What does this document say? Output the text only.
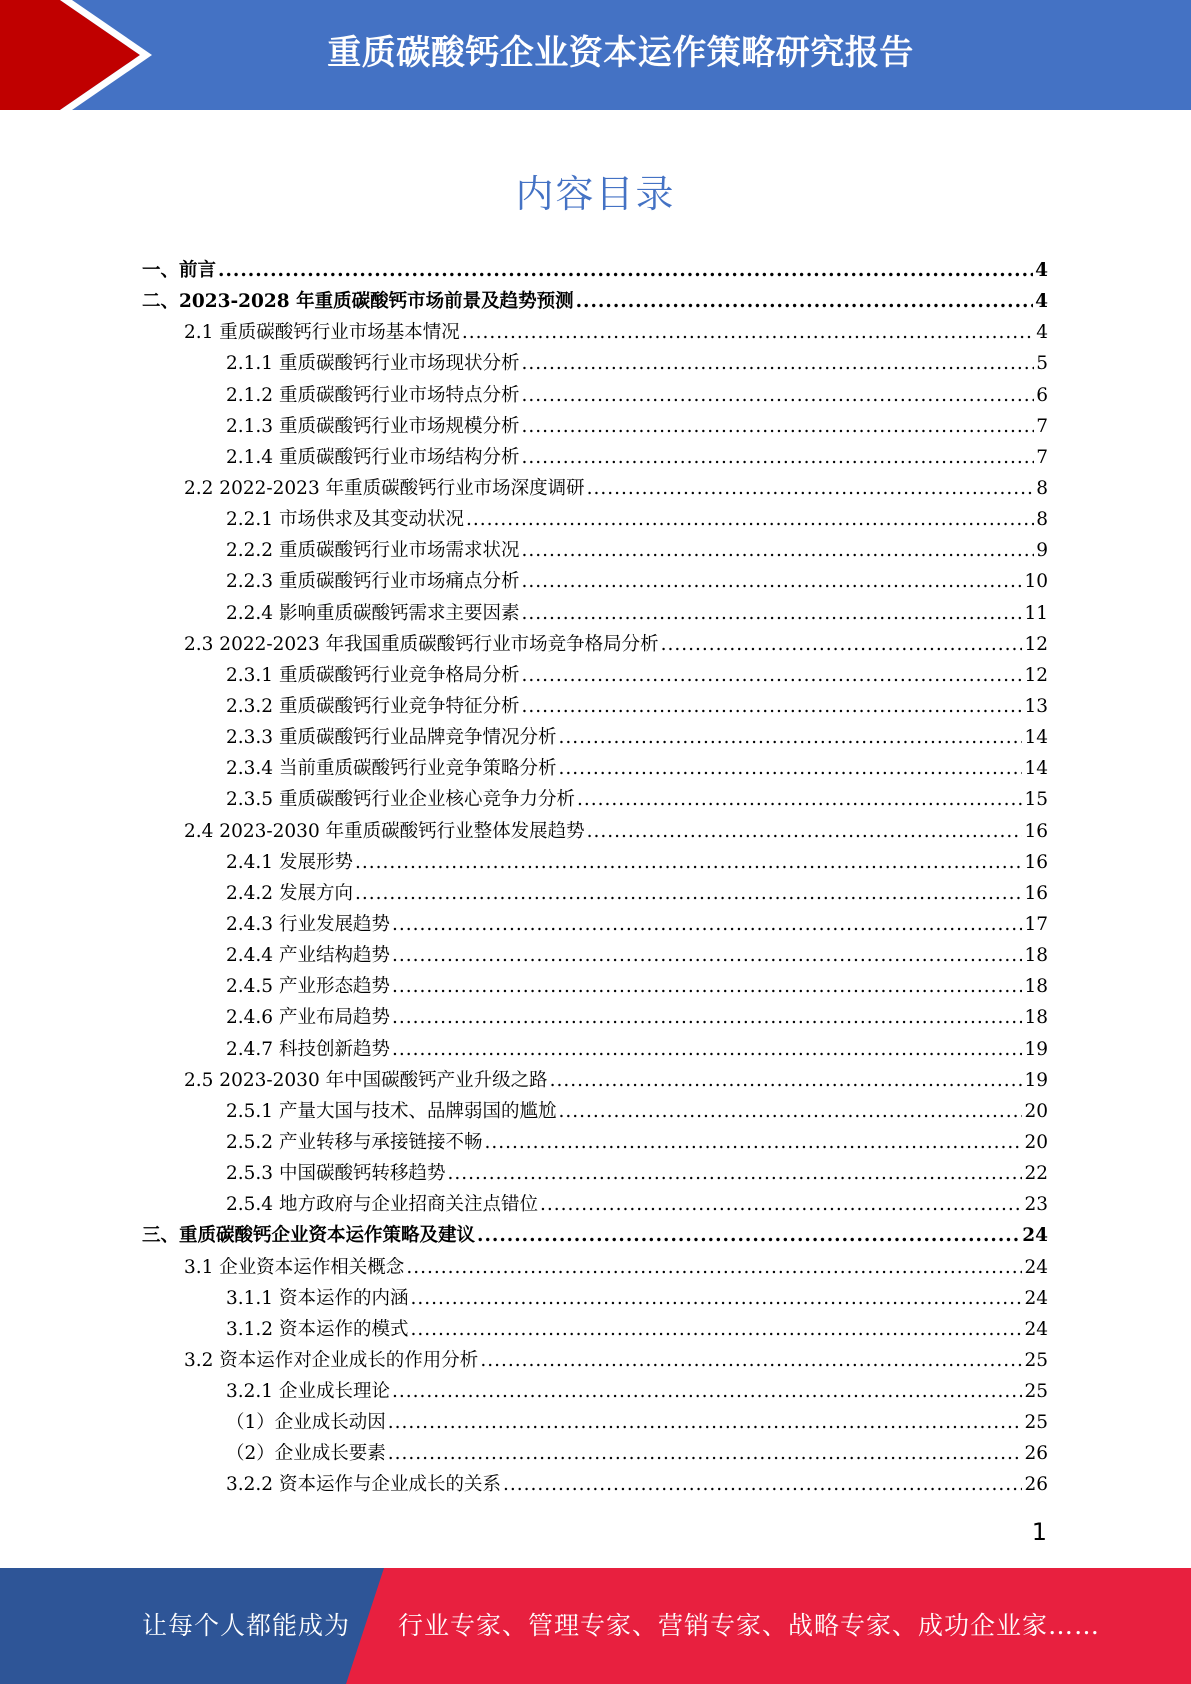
重质碳酸钙企业资本运作策略研究报告
内容目录
一、前言 .....	4
二、2023-2028 年重质碳酸钙市场前景及趋势预测 .....	4
2.1 重质碳酸钙行业市场基本情况 .....	4
2.1.1 重质碳酸钙行业市场现状分析 .....	5
2.1.2 重质碳酸钙行业市场特点分析 .....	6
2.1.3 重质碳酸钙行业市场规模分析 .....	7
2.1.4 重质碳酸钙行业市场结构分析 .....	7
2.2 2022-2023 年重质碳酸钙行业市场深度调研 .....	8
2.2.1 市场供求及其变动状况 .....	8
2.2.2 重质碳酸钙行业市场需求状况 .....	9
2.2.3 重质碳酸钙行业市场痛点分析 .....	10
2.2.4 影响重质碳酸钙需求主要因素 .....	11
2.3 2022-2023 年我国重质碳酸钙行业市场竞争格局分析 .....	12
2.3.1 重质碳酸钙行业竞争格局分析 .....	12
2.3.2 重质碳酸钙行业竞争特征分析 .....	13
2.3.3 重质碳酸钙行业品牌竞争情况分析 .....	14
2.3.4 当前重质碳酸钙行业竞争策略分析 .....	14
2.3.5 重质碳酸钙行业企业核心竞争力分析 .....	15
2.4 2023-2030 年重质碳酸钙行业整体发展趋势 .....	16
2.4.1 发展形势 .....	16
2.4.2 发展方向 .....	16
2.4.3 行业发展趋势 .....	17
2.4.4 产业结构趋势 .....	18
2.4.5 产业形态趋势 .....	18
2.4.6 产业布局趋势 .....	18
2.4.7 科技创新趋势 .....	19
2.5 2023-2030 年中国碳酸钙产业升级之路 .....	19
2.5.1 产量大国与技术、品牌弱国的尴尬 .....	20
2.5.2 产业转移与承接链接不畅 .....	20
2.5.3 中国碳酸钙转移趋势 .....	22
2.5.4 地方政府与企业招商关注点错位 .....	23
三、重质碳酸钙企业资本运作策略及建议 .....	24
3.1 企业资本运作相关概念 .....	24
3.1.1 资本运作的内涵 .....	24
3.1.2 资本运作的模式 .....	24
3.2 资本运作对企业成长的作用分析 .....	25
3.2.1 企业成长理论 .....	25
（1）企业成长动因 .....	25
（2）企业成长要素 .....	26
3.2.2 资本运作与企业成长的关系 .....	26
1
让每个人都能成为 行业专家、管理专家、营销专家、战略专家、成功企业家……
